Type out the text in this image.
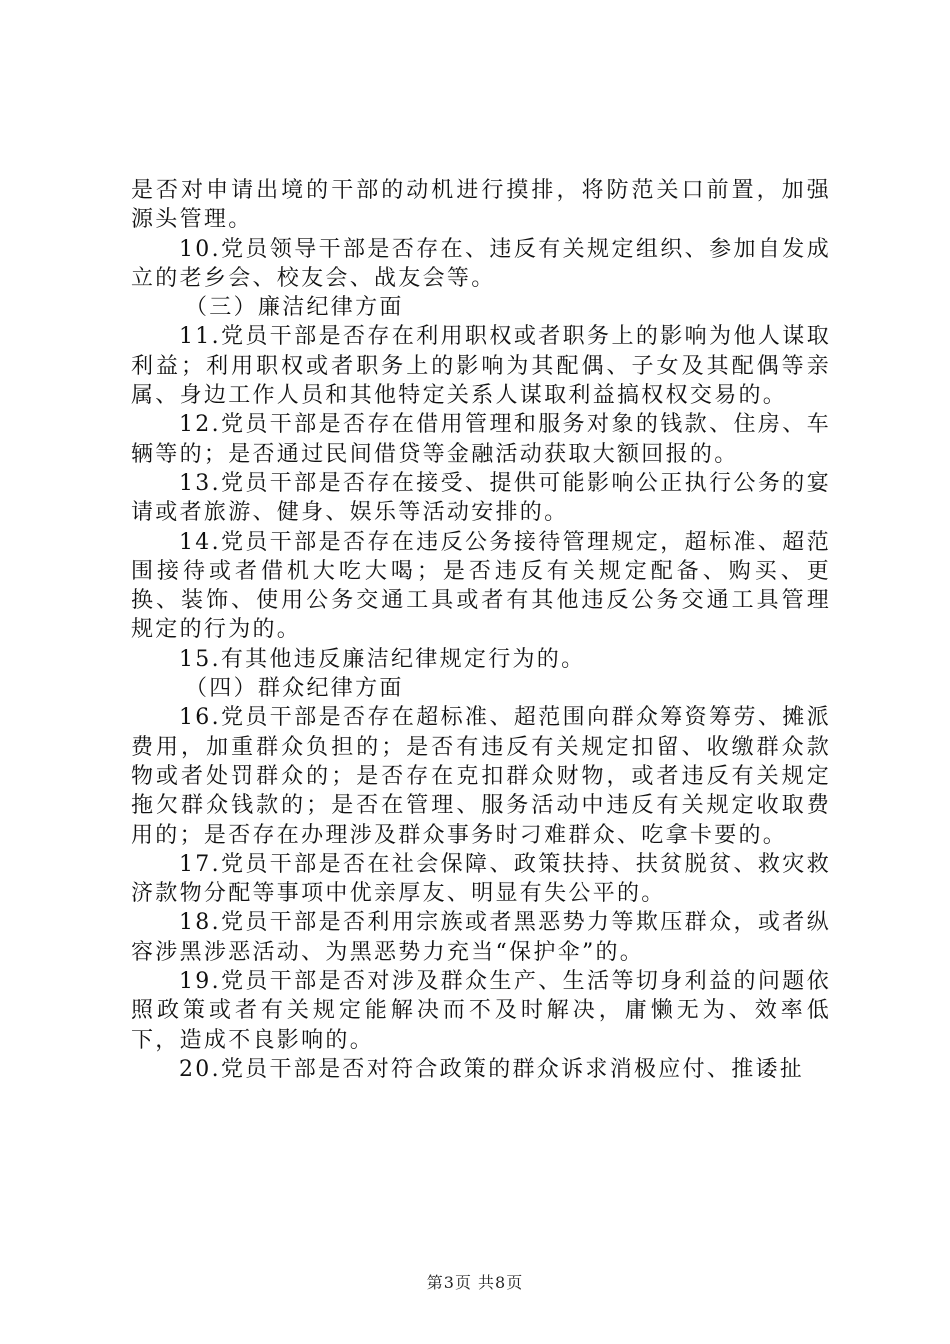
是否对申请出境的干部的动机进行摸排，将防范关口前置，加强源头管理。

10.党员领导干部是否存在、违反有关规定组织、参加自发成立的老乡会、校友会、战友会等。

（三）廉洁纪律方面

11.党员干部是否存在利用职权或者职务上的影响为他人谋取利益；利用职权或者职务上的影响为其配偶、子女及其配偶等亲属、身边工作人员和其他特定关系人谋取利益搞权权交易的。

12.党员干部是否存在借用管理和服务对象的钱款、住房、车辆等的；是否通过民间借贷等金融活动获取大额回报的。

13.党员干部是否存在接受、提供可能影响公正执行公务的宴请或者旅游、健身、娱乐等活动安排的。

14.党员干部是否存在违反公务接待管理规定，超标准、超范围接待或者借机大吃大喝；是否违反有关规定配备、购买、更换、装饰、使用公务交通工具或者有其他违反公务交通工具管理规定的行为的。

15.有其他违反廉洁纪律规定行为的。

（四）群众纪律方面

16.党员干部是否存在超标准、超范围向群众筹资筹劳、摊派费用，加重群众负担的；是否有违反有关规定扣留、收缴群众款物或者处罚群众的；是否存在克扣群众财物，或者违反有关规定拖欠群众钱款的；是否在管理、服务活动中违反有关规定收取费用的；是否存在办理涉及群众事务时刁难群众、吃拿卡要的。

17.党员干部是否在社会保障、政策扶持、扶贫脱贫、救灾救济款物分配等事项中优亲厚友、明显有失公平的。

18.党员干部是否利用宗族或者黑恶势力等欺压群众，或者纵容涉黑涉恶活动、为黑恶势力充当“保护伞”的。

19.党员干部是否对涉及群众生产、生活等切身利益的问题依照政策或者有关规定能解决而不及时解决，庸懒无为、效率低下，造成不良影响的。

20.党员干部是否对符合政策的群众诉求消极应付、推诿扯

第3页 共8页
